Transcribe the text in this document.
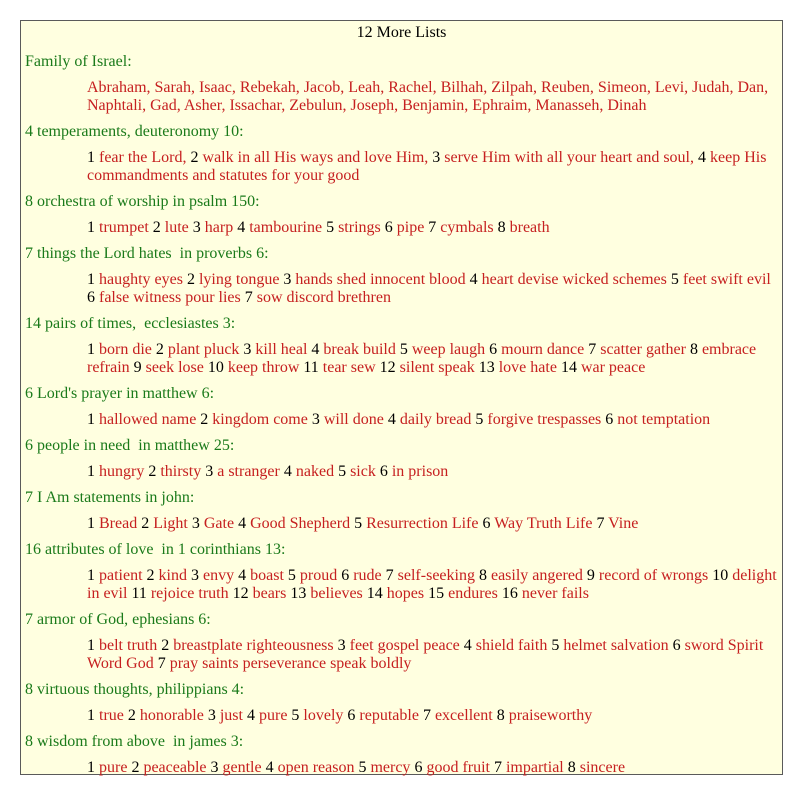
12 More Lists
Family of Israel:
Abraham, Sarah, Isaac, Rebekah, Jacob, Leah, Rachel, Bilhah, Zilpah, Reuben, Simeon, Levi, Judah, Dan, Naphtali, Gad, Asher, Issachar, Zebulun, Joseph, Benjamin, Ephraim, Manasseh, Dinah
4 temperaments, deuteronomy 10:
1 fear the Lord, 2 walk in all His ways and love Him, 3 serve Him with all your heart and soul, 4 keep His commandments and statutes for your good
8 orchestra of worship in psalm 150:
1 trumpet 2 lute 3 harp 4 tambourine 5 strings 6 pipe 7 cymbals 8 breath
7 things the Lord hates  in proverbs 6:
1 haughty eyes 2 lying tongue 3 hands shed innocent blood 4 heart devise wicked schemes 5 feet swift evil 6 false witness pour lies 7 sow discord brethren
14 pairs of times,  ecclesiastes 3:
1 born die 2 plant pluck 3 kill heal 4 break build 5 weep laugh 6 mourn dance 7 scatter gather 8 embrace refrain 9 seek lose 10 keep throw 11 tear sew 12 silent speak 13 love hate 14 war peace
6 Lord's prayer in matthew 6:
1 hallowed name 2 kingdom come 3 will done 4 daily bread 5 forgive trespasses 6 not temptation
6 people in need  in matthew 25:
1 hungry 2 thirsty 3 a stranger 4 naked 5 sick 6 in prison
7 I Am statements in john:
1 Bread 2 Light 3 Gate 4 Good Shepherd 5 Resurrection Life 6 Way Truth Life 7 Vine
16 attributes of love  in 1 corinthians 13:
1 patient 2 kind 3 envy 4 boast 5 proud 6 rude 7 self-seeking 8 easily angered 9 record of wrongs 10 delight in evil 11 rejoice truth 12 bears 13 believes 14 hopes 15 endures 16 never fails
7 armor of God, ephesians 6:
1 belt truth 2 breastplate righteousness 3 feet gospel peace 4 shield faith 5 helmet salvation 6 sword Spirit Word God 7 pray saints perseverance speak boldly
8 virtuous thoughts, philippians 4:
1 true 2 honorable 3 just 4 pure 5 lovely 6 reputable 7 excellent 8 praiseworthy
8 wisdom from above  in james 3:
1 pure 2 peaceable 3 gentle 4 open reason 5 mercy 6 good fruit 7 impartial 8 sincere
